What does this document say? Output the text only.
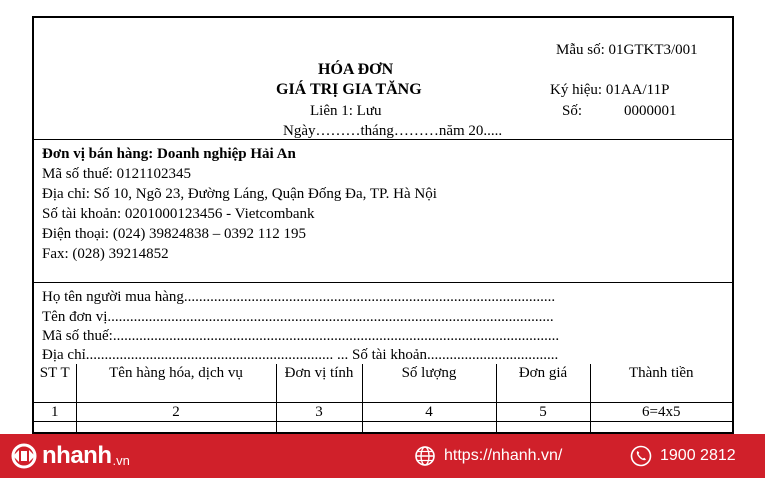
Mẫu số: 01GTKT3/001
HÓA ĐƠN
GIÁ TRỊ GIA TĂNG	Ký hiệu: 01AA/11P
Liên 1: Lưu	Số:	0000001
Ngày………tháng………năm 20.....
Đơn vị bán hàng: Doanh nghiệp Hải An
Mã số thuế: 0121102345
Địa chỉ: Số 10, Ngõ 23, Đường Láng, Quận Đống Đa, TP. Hà Nội
Số tài khoản: 0201000123456 - Vietcombank
Điện thoại: (024) 39824838 – 0392 112 195
Fax: (028) 39214852
Họ tên người mua hàng...................................................................................................
Tên đơn vị.......................................................................................................................
Mã số thuế:.......................................................................................................................
Địa chỉ.................................................................. ... Số tài khoản...................................
ST T	Tên hàng hóa, dịch vụ	Đơn vị tính	Số lượng	Đơn giá	Thành tiền
1	2	3	4	5	6=4x5

nhanh .vn	https://nhanh.vn/	1900 2812
